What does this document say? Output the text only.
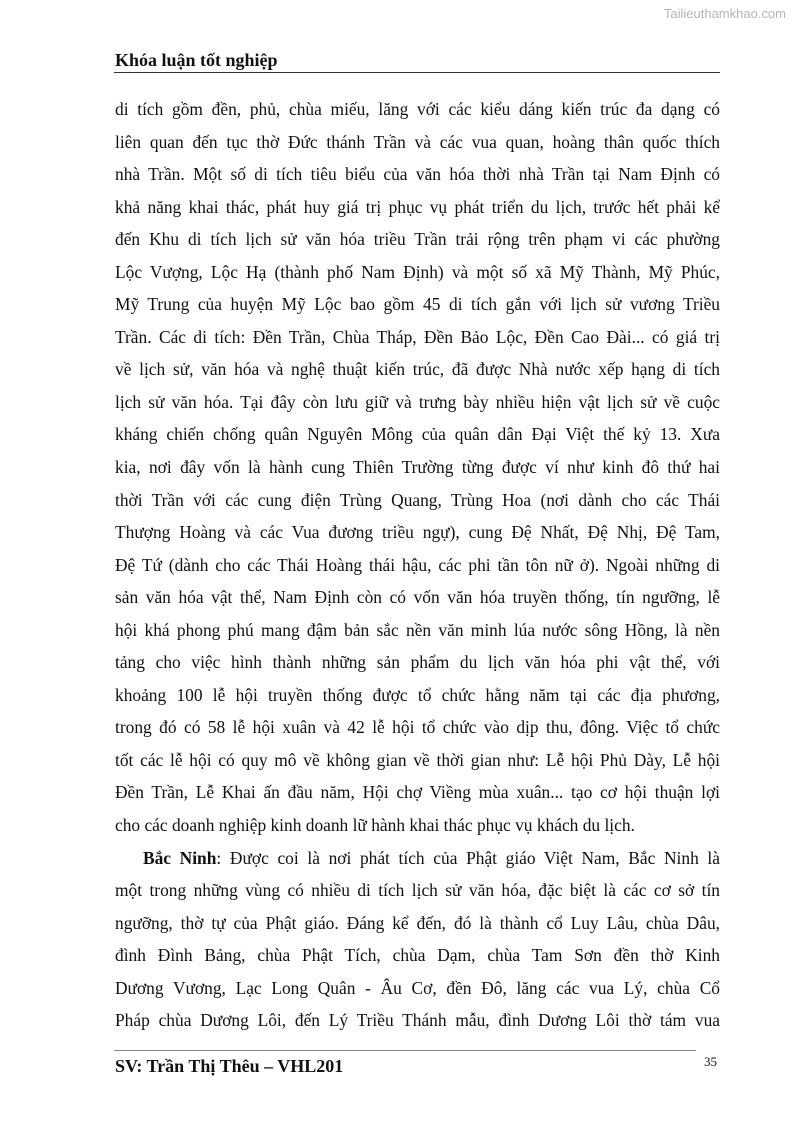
Tailieuthamkhao.com
Khóa luận tốt nghiệp
di tích gồm đền, phủ, chùa miếu, lăng với các kiểu dáng kiến trúc đa dạng có
liên quan đến tục thờ Đức thánh Trần và các vua quan, hoàng thân quốc thích
nhà Trần. Một số di tích tiêu biểu của văn hóa thời nhà Trần tại Nam Định có
khả năng khai thác, phát huy giá trị phục vụ phát triển du lịch, trước hết phải kể
đến Khu di tích lịch sử văn hóa triều Trần trải rộng trên phạm vi các phường
Lộc Vượng, Lộc Hạ (thành phố Nam Định) và một số xã Mỹ Thành, Mỹ Phúc,
Mỹ Trung của huyện Mỹ Lộc bao gồm 45 di tích gắn với lịch sử vương Triều
Trần. Các di tích: Đền Trần, Chùa Tháp, Đền Bảo Lộc, Đền Cao Đài... có giá trị
về lịch sử, văn hóa và nghệ thuật kiến trúc, đã được Nhà nước xếp hạng di tích
lịch sử văn hóa. Tại đây còn lưu giữ và trưng bày nhiều hiện vật lịch sử về cuộc
kháng chiến chống quân Nguyên Mông của quân dân Đại Việt thế kỷ 13. Xưa
kia, nơi đây vốn là hành cung Thiên Trường từng được ví như kinh đô thứ hai
thời Trần với các cung điện Trùng Quang, Trùng Hoa (nơi dành cho các Thái
Thượng Hoàng và các Vua đương triều ngự), cung Đệ Nhất, Đệ Nhị, Đệ Tam,
Đệ Tứ (dành cho các Thái Hoàng thái hậu, các phi tần tôn nữ ở). Ngoài những di
sản văn hóa vật thể, Nam Định còn có vốn văn hóa truyền thống, tín ngưỡng, lễ
hội khá phong phú mang đậm bản sắc nền văn minh lúa nước sông Hồng, là nền
tảng cho việc hình thành những sản phẩm du lịch văn hóa phi vật thể, với
khoảng 100 lễ hội truyền thống được tổ chức hằng năm tại các địa phương,
trong đó có 58 lễ hội xuân và 42 lễ hội tổ chức vào dịp thu, đông. Việc tổ chức
tốt các lễ hội có quy mô về không gian về thời gian như: Lễ hội Phủ Dày, Lễ hội
Đền Trần, Lễ Khai ấn đầu năm, Hội chợ Viềng mùa xuân... tạo cơ hội thuận lợi
cho các doanh nghiệp kinh doanh lữ hành khai thác phục vụ khách du lịch.
Bắc Ninh: Được coi là nơi phát tích của Phật giáo Việt Nam, Bắc Ninh là
một trong những vùng có nhiều di tích lịch sử văn hóa, đặc biệt là các cơ sở tín
ngưỡng, thờ tự của Phật giáo. Đáng kể đến, đó là thành cổ Luy Lâu, chùa Dâu,
đình Đình Bảng, chùa Phật Tích, chùa Dạm, chùa Tam Sơn đền thờ Kinh
Dương Vương, Lạc Long Quân - Âu Cơ, đền Đô, lăng các vua Lý, chùa Cổ
Pháp chùa Dương Lôi, đến Lý Triều Thánh mẫu, đình Dương Lôi thờ tám vua
SV: Trần Thị Thêu – VHL201	35
